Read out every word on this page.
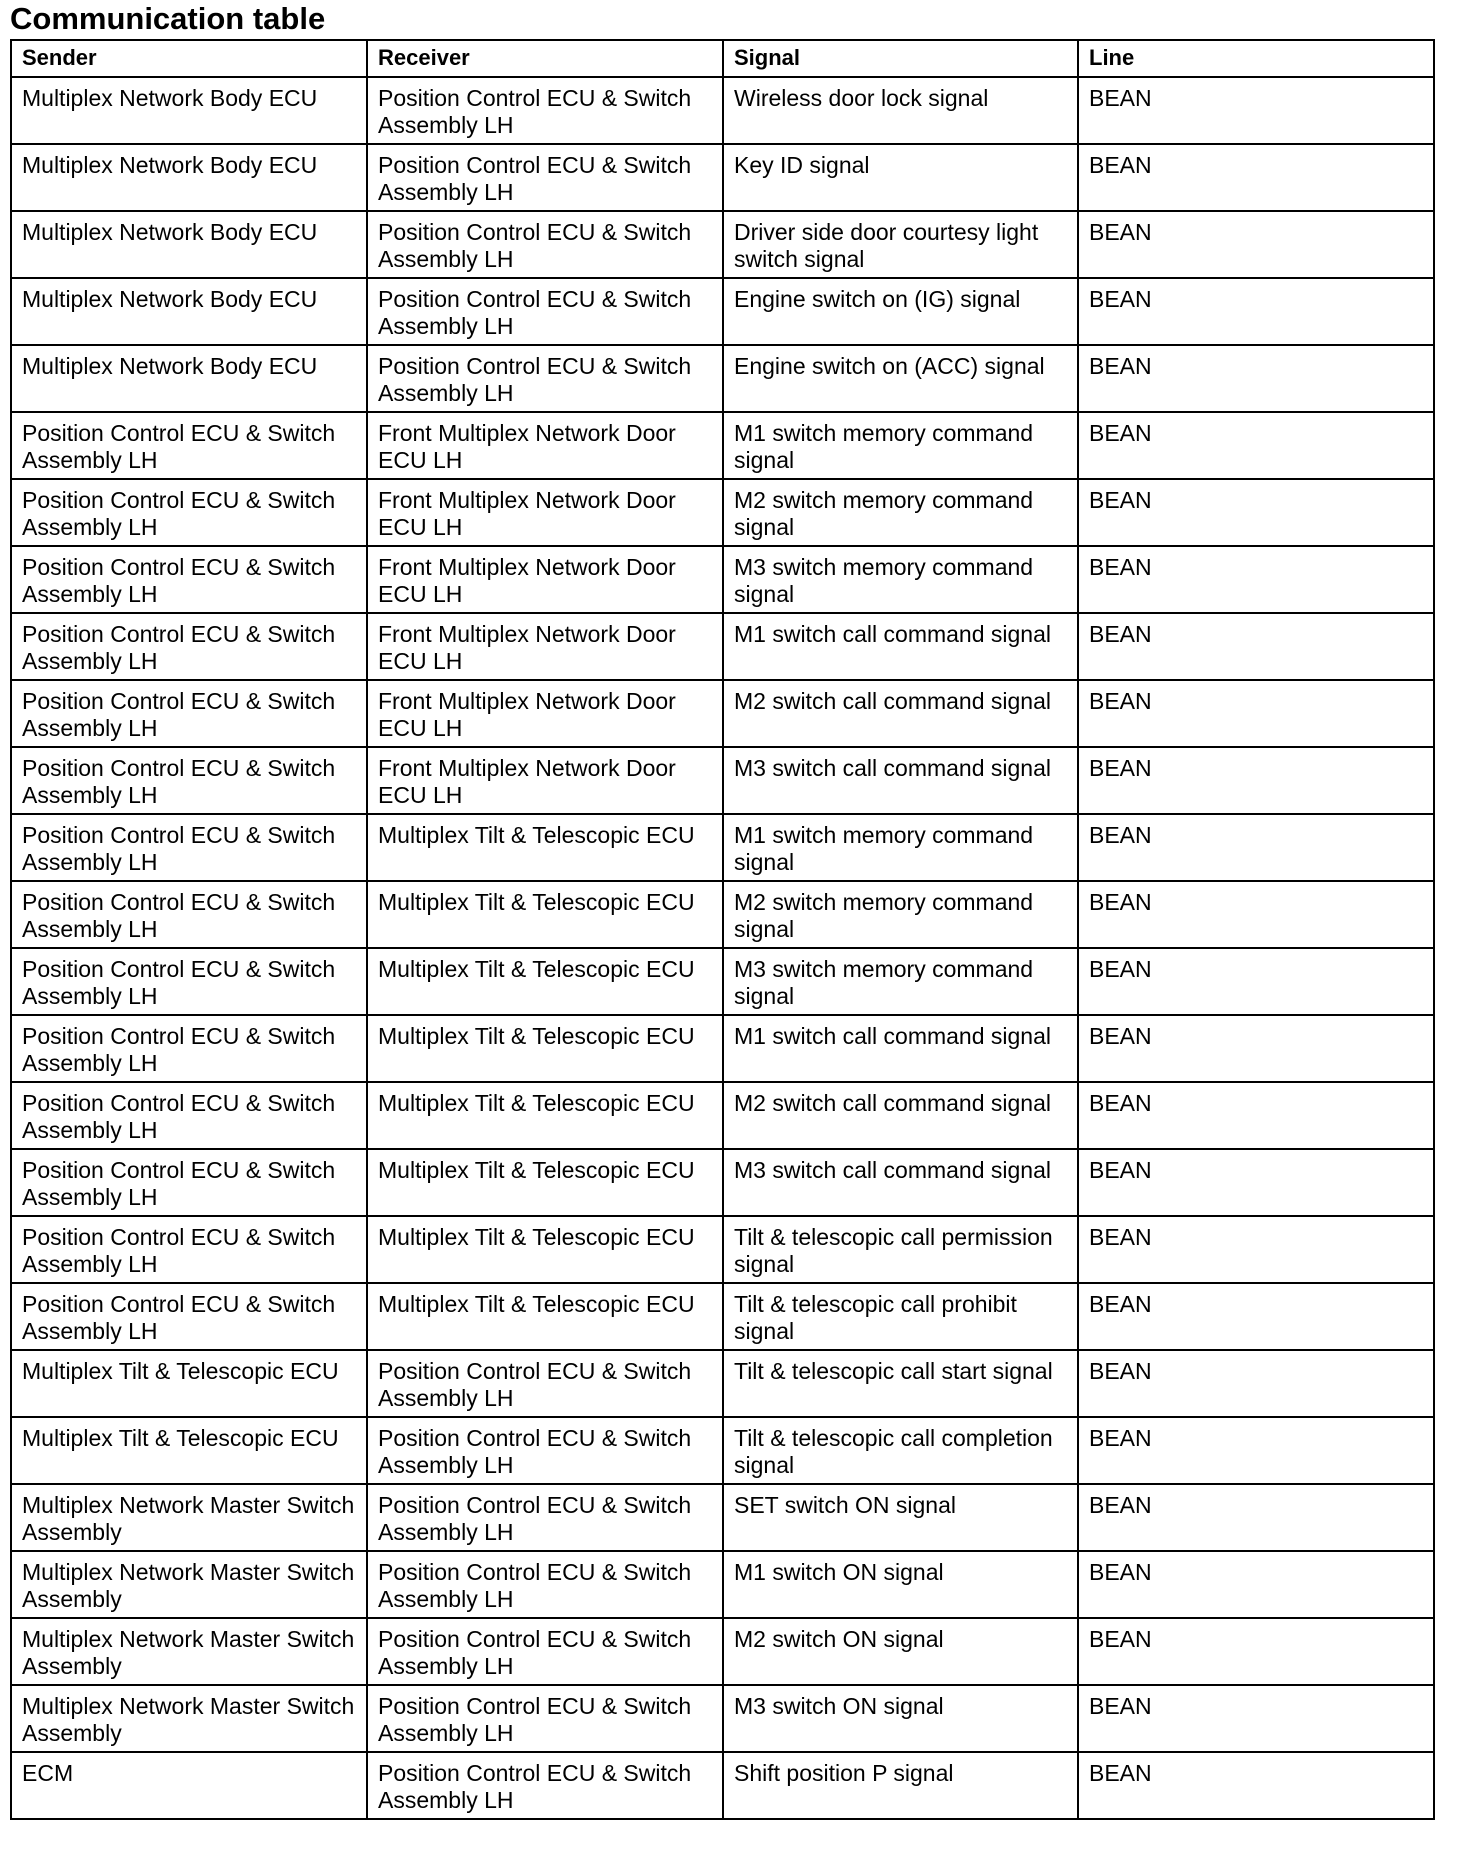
Communication table
Sender	Receiver	Signal	Line
Multiplex Network Body ECU	Position Control ECU & Switch Assembly LH	Wireless door lock signal	BEAN
Multiplex Network Body ECU	Position Control ECU & Switch Assembly LH	Key ID signal	BEAN
Multiplex Network Body ECU	Position Control ECU & Switch Assembly LH	Driver side door courtesy light switch signal	BEAN
Multiplex Network Body ECU	Position Control ECU & Switch Assembly LH	Engine switch on (IG) signal	BEAN
Multiplex Network Body ECU	Position Control ECU & Switch Assembly LH	Engine switch on (ACC) signal	BEAN
Position Control ECU & Switch Assembly LH	Front Multiplex Network Door ECU LH	M1 switch memory command signal	BEAN
Position Control ECU & Switch Assembly LH	Front Multiplex Network Door ECU LH	M2 switch memory command signal	BEAN
Position Control ECU & Switch Assembly LH	Front Multiplex Network Door ECU LH	M3 switch memory command signal	BEAN
Position Control ECU & Switch Assembly LH	Front Multiplex Network Door ECU LH	M1 switch call command signal	BEAN
Position Control ECU & Switch Assembly LH	Front Multiplex Network Door ECU LH	M2 switch call command signal	BEAN
Position Control ECU & Switch Assembly LH	Front Multiplex Network Door ECU LH	M3 switch call command signal	BEAN
Position Control ECU & Switch Assembly LH	Multiplex Tilt & Telescopic ECU	M1 switch memory command signal	BEAN
Position Control ECU & Switch Assembly LH	Multiplex Tilt & Telescopic ECU	M2 switch memory command signal	BEAN
Position Control ECU & Switch Assembly LH	Multiplex Tilt & Telescopic ECU	M3 switch memory command signal	BEAN
Position Control ECU & Switch Assembly LH	Multiplex Tilt & Telescopic ECU	M1 switch call command signal	BEAN
Position Control ECU & Switch Assembly LH	Multiplex Tilt & Telescopic ECU	M2 switch call command signal	BEAN
Position Control ECU & Switch Assembly LH	Multiplex Tilt & Telescopic ECU	M3 switch call command signal	BEAN
Position Control ECU & Switch Assembly LH	Multiplex Tilt & Telescopic ECU	Tilt & telescopic call permission signal	BEAN
Position Control ECU & Switch Assembly LH	Multiplex Tilt & Telescopic ECU	Tilt & telescopic call prohibit signal	BEAN
Multiplex Tilt & Telescopic ECU	Position Control ECU & Switch Assembly LH	Tilt & telescopic call start signal	BEAN
Multiplex Tilt & Telescopic ECU	Position Control ECU & Switch Assembly LH	Tilt & telescopic call completion signal	BEAN
Multiplex Network Master Switch Assembly	Position Control ECU & Switch Assembly LH	SET switch ON signal	BEAN
Multiplex Network Master Switch Assembly	Position Control ECU & Switch Assembly LH	M1 switch ON signal	BEAN
Multiplex Network Master Switch Assembly	Position Control ECU & Switch Assembly LH	M2 switch ON signal	BEAN
Multiplex Network Master Switch Assembly	Position Control ECU & Switch Assembly LH	M3 switch ON signal	BEAN
ECM	Position Control ECU & Switch Assembly LH	Shift position P signal	BEAN
